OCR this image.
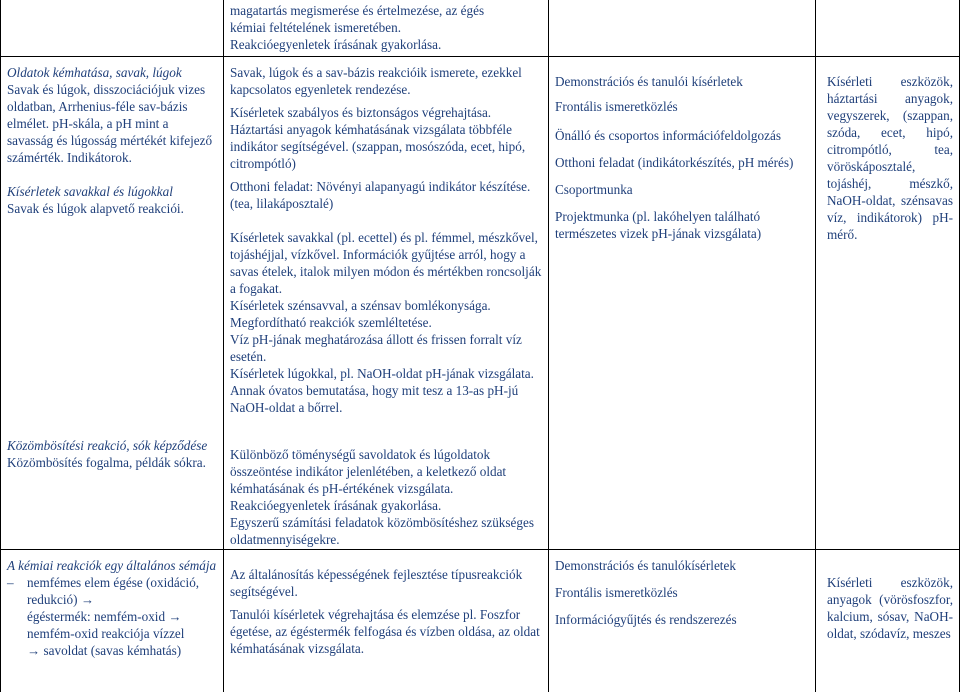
magatartás megismerése és értelmezése, az égés

kémiai feltételének ismeretében.

Reakcióegyenletek írásának gyakorlása.

Oldatok kémhatása, savak, lúgok

Savak és lúgok, disszociációjuk vizes oldatban, Arrhenius-féle sav-bázis elmélet. pH-skála, a pH mint a savasság és lúgosság mértékét kifejező számérték. Indikátorok.

Kísérletek savakkal és lúgokkal

Savak és lúgok alapvető reakciói.

Savak, lúgok és a sav-bázis reakcióik ismerete, ezekkel kapcsolatos egyenletek rendezése.

Kísérletek szabályos és biztonságos végrehajtása.

Háztartási anyagok kémhatásának vizsgálata többféle indikátor segítségével. (szappan, mosószóda, ecet, hipó, citrompótló)

Otthoni feladat: Növényi alapanyagú indikátor készítése. (tea, lilakáposztalé)

Kísérletek savakkal (pl. ecettel) és pl. fémmel, mészkővel, tojáshéjjal, vízkővel. Információk gyűjtése arról, hogy a savas ételek, italok milyen módon és mértékben roncsolják a fogakat.

Kísérletek szénsavval, a szénsav bomlékonysága. Megfordítható reakciók szemléltetése.

Víz pH-jának meghatározása állott és frissen forralt víz esetén.

Kísérletek lúgokkal, pl. NaOH-oldat pH-jának vizsgálata. Annak óvatos bemutatása, hogy mit tesz a 13-as pH-jú NaOH-oldat a bőrrel.

Demonstrációs és tanulói kísérletek

Frontális ismeretközlés

Önálló és csoportos információfeldolgozás

Otthoni feladat (indikátorkészítés, pH mérés)

Csoportmunka

Projektmunka (pl. lakóhelyen található természetes vizek pH-jának vizsgálata)

Kísérleti eszközök, háztartási anyagok, vegyszerek, (szappan, szóda, ecet, hipó, citrompótló, tea, vöröskáposztalé, tojáshéj, mészkő, NaOH-oldat, szénsavas víz, indikátorok) pH-mérő.

Közömbösítési reakció, sók képződése

Közömbösítés fogalma, példák sókra.

Különböző töménységű savoldatok és lúgoldatok összeöntése indikátor jelenlétében, a keletkező oldat kémhatásának és pH-értékének vizsgálata. Reakcióegyenletek írásának gyakorlása.

Egyszerű számítási feladatok közömbösítéshez szükséges oldatmennyiségekre.

A kémiai reakciók egy általános sémája

– nemfémes elem égése (oxidáció, redukció) →

égéstermék: nemfém-oxid →

nemfém-oxid reakciója vízzel

→ savoldat (savas kémhatás)

Az általánosítás képességének fejlesztése típusreakciók segítségével.

Tanulói kísérletek végrehajtása és elemzése pl. Foszfor égetése, az égéstermék felfogása és vízben oldása, az oldat kémhatásának vizsgálata.

Demonstrációs és tanulókísérletek

Frontális ismeretközlés

Információgyűjtés és rendszerezés

Kísérleti eszközök, anyagok (vörösfoszfor, kalcium, sósav, NaOH-oldat, szódavíz, meszes
